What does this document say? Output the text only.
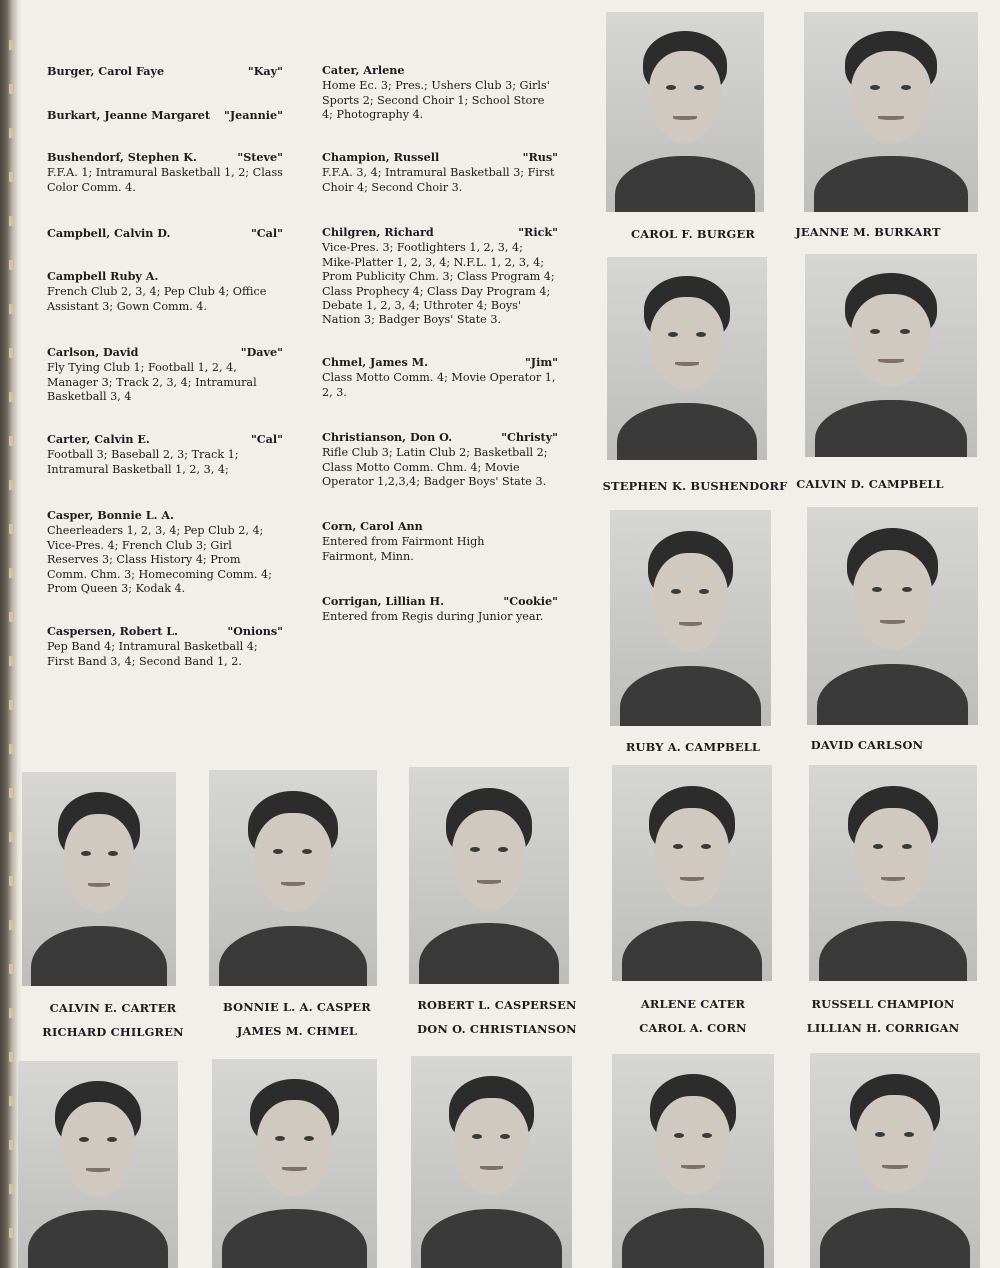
Burger, Carol Faye	"Kay"

Burkart, Jeanne Margaret "Jeannie"

Bushendorf, Stephen K.	"Steve"

F.F.A. 1; Intramural Basketball 1, 2; Class Color Comm. 4.

Campbell, Calvin D.	"Cal"

Campbell Ruby A.

French Club 2, 3, 4; Pep Club 4; Office Assistant 3; Gown Comm. 4.

Carlson, David	"Dave"

Fly Tying Club 1; Football 1, 2, 4, Manager 3; Track 2, 3, 4; Intramural Basketball 3, 4

Carter, Calvin E.	"Cal"

Football 3; Baseball 2, 3; Track 1; Intramural Basketball 1, 2, 3, 4;

Casper, Bonnie L. A.

Cheerleaders 1, 2, 3, 4; Pep Club 2, 4; Vice-Pres. 4; French Club 3; Girl Reserves 3; Class History 4; Prom Comm. Chm. 3; Homecoming Comm. 4; Prom Queen 3; Kodak 4.

Caspersen, Robert L.	"Onions"

Pep Band 4; Intramural Basketball 4; First Band 3, 4; Second Band 1, 2.

Cater, Arlene

Home Ec. 3; Pres.; Ushers Club 3; Girls' Sports 2; Second Choir 1; School Store 4; Photography 4.

Champion, Russell	"Rus"

F.F.A. 3, 4; Intramural Basketball 3; First Choir 4; Second Choir 3.

Chilgren, Richard	"Rick"

Vice-Pres. 3; Footlighters 1, 2, 3, 4; Mike-Platter 1, 2, 3, 4; N.F.L. 1, 2, 3, 4; Prom Publicity Chm. 3; Class Program 4; Class Prophecy 4; Class Day Program 4; Debate 1, 2, 3, 4; Uthroter 4; Boys' Nation 3; Badger Boys' State 3.

Chmel, James M.	"Jim"

Class Motto Comm. 4; Movie Operator 1, 2, 3.

Christianson, Don O.	"Christy"

Rifle Club 3; Latin Club 2; Basketball 2; Class Motto Comm. Chm. 4; Movie Operator 1,2,3,4; Badger Boys' State 3.

Corn, Carol Ann

Entered from Fairmont High Fairmont, Minn.

Corrigan, Lillian H.	"Cookie"

Entered from Regis during Junior year.

CAROL F. BURGER	JEANNE M. BURKART
STEPHEN K. BUSHENDORF CALVIN D. CAMPBELL
RUBY A. CAMPBELL	DAVID CARLSON
CALVIN E. CARTER	BONNIE L. A. CASPER	ROBERT L. CASPERSEN	ARLENE CATER	RUSSELL CHAMPION
RICHARD CHILGREN	JAMES M. CHMEL	DON O. CHRISTIANSON	CAROL A. CORN	LILLIAN H. CORRIGAN
